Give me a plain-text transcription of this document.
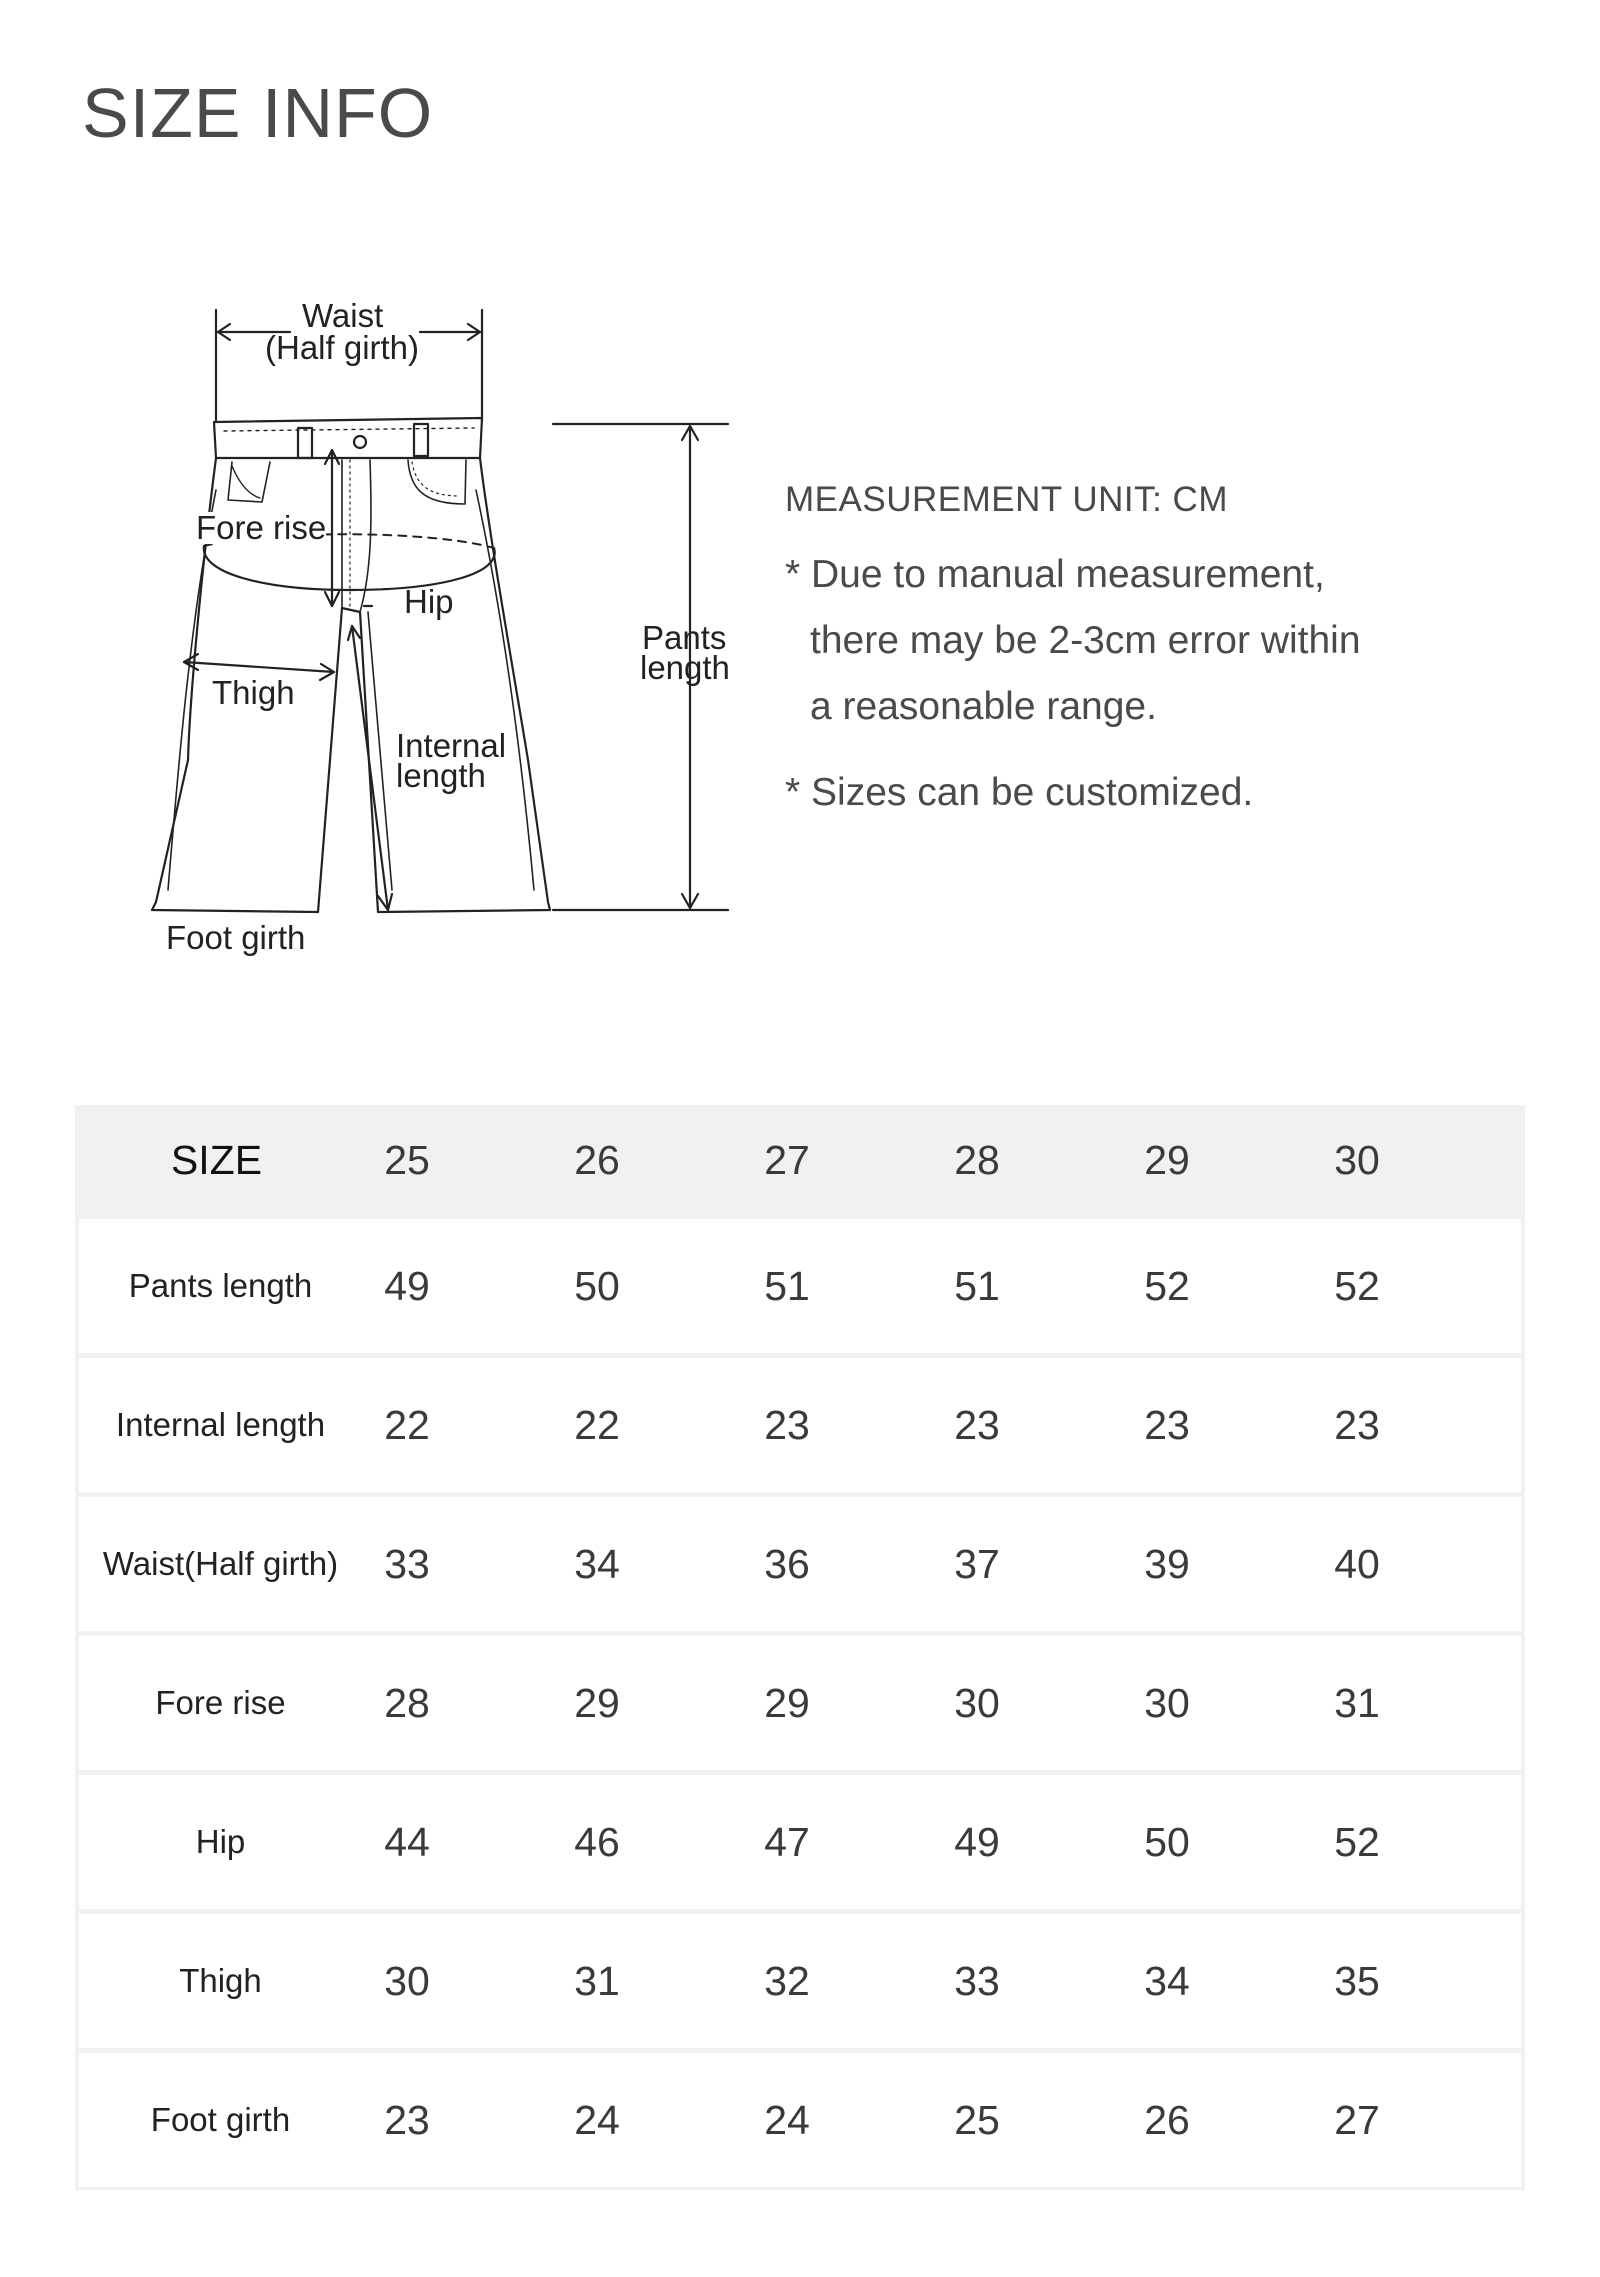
SIZE INFO
Waist
(Half girth)
Fore rise
Hip
Thigh
Internal
length
Pants
length
Foot girth
MEASUREMENT UNIT: CM
* Due to manual measurement,
there may be 2-3cm error within
a reasonable range.
* Sizes can be customized.
SIZE	25	26	27	28	29	30
Pants length	49	50	51	51	52	52
Internal length	22	22	23	23	23	23
Waist(Half girth)	33	34	36	37	39	40
Fore rise	28	29	29	30	30	31
Hip	44	46	47	49	50	52
Thigh	30	31	32	33	34	35
Foot girth	23	24	24	25	26	27
